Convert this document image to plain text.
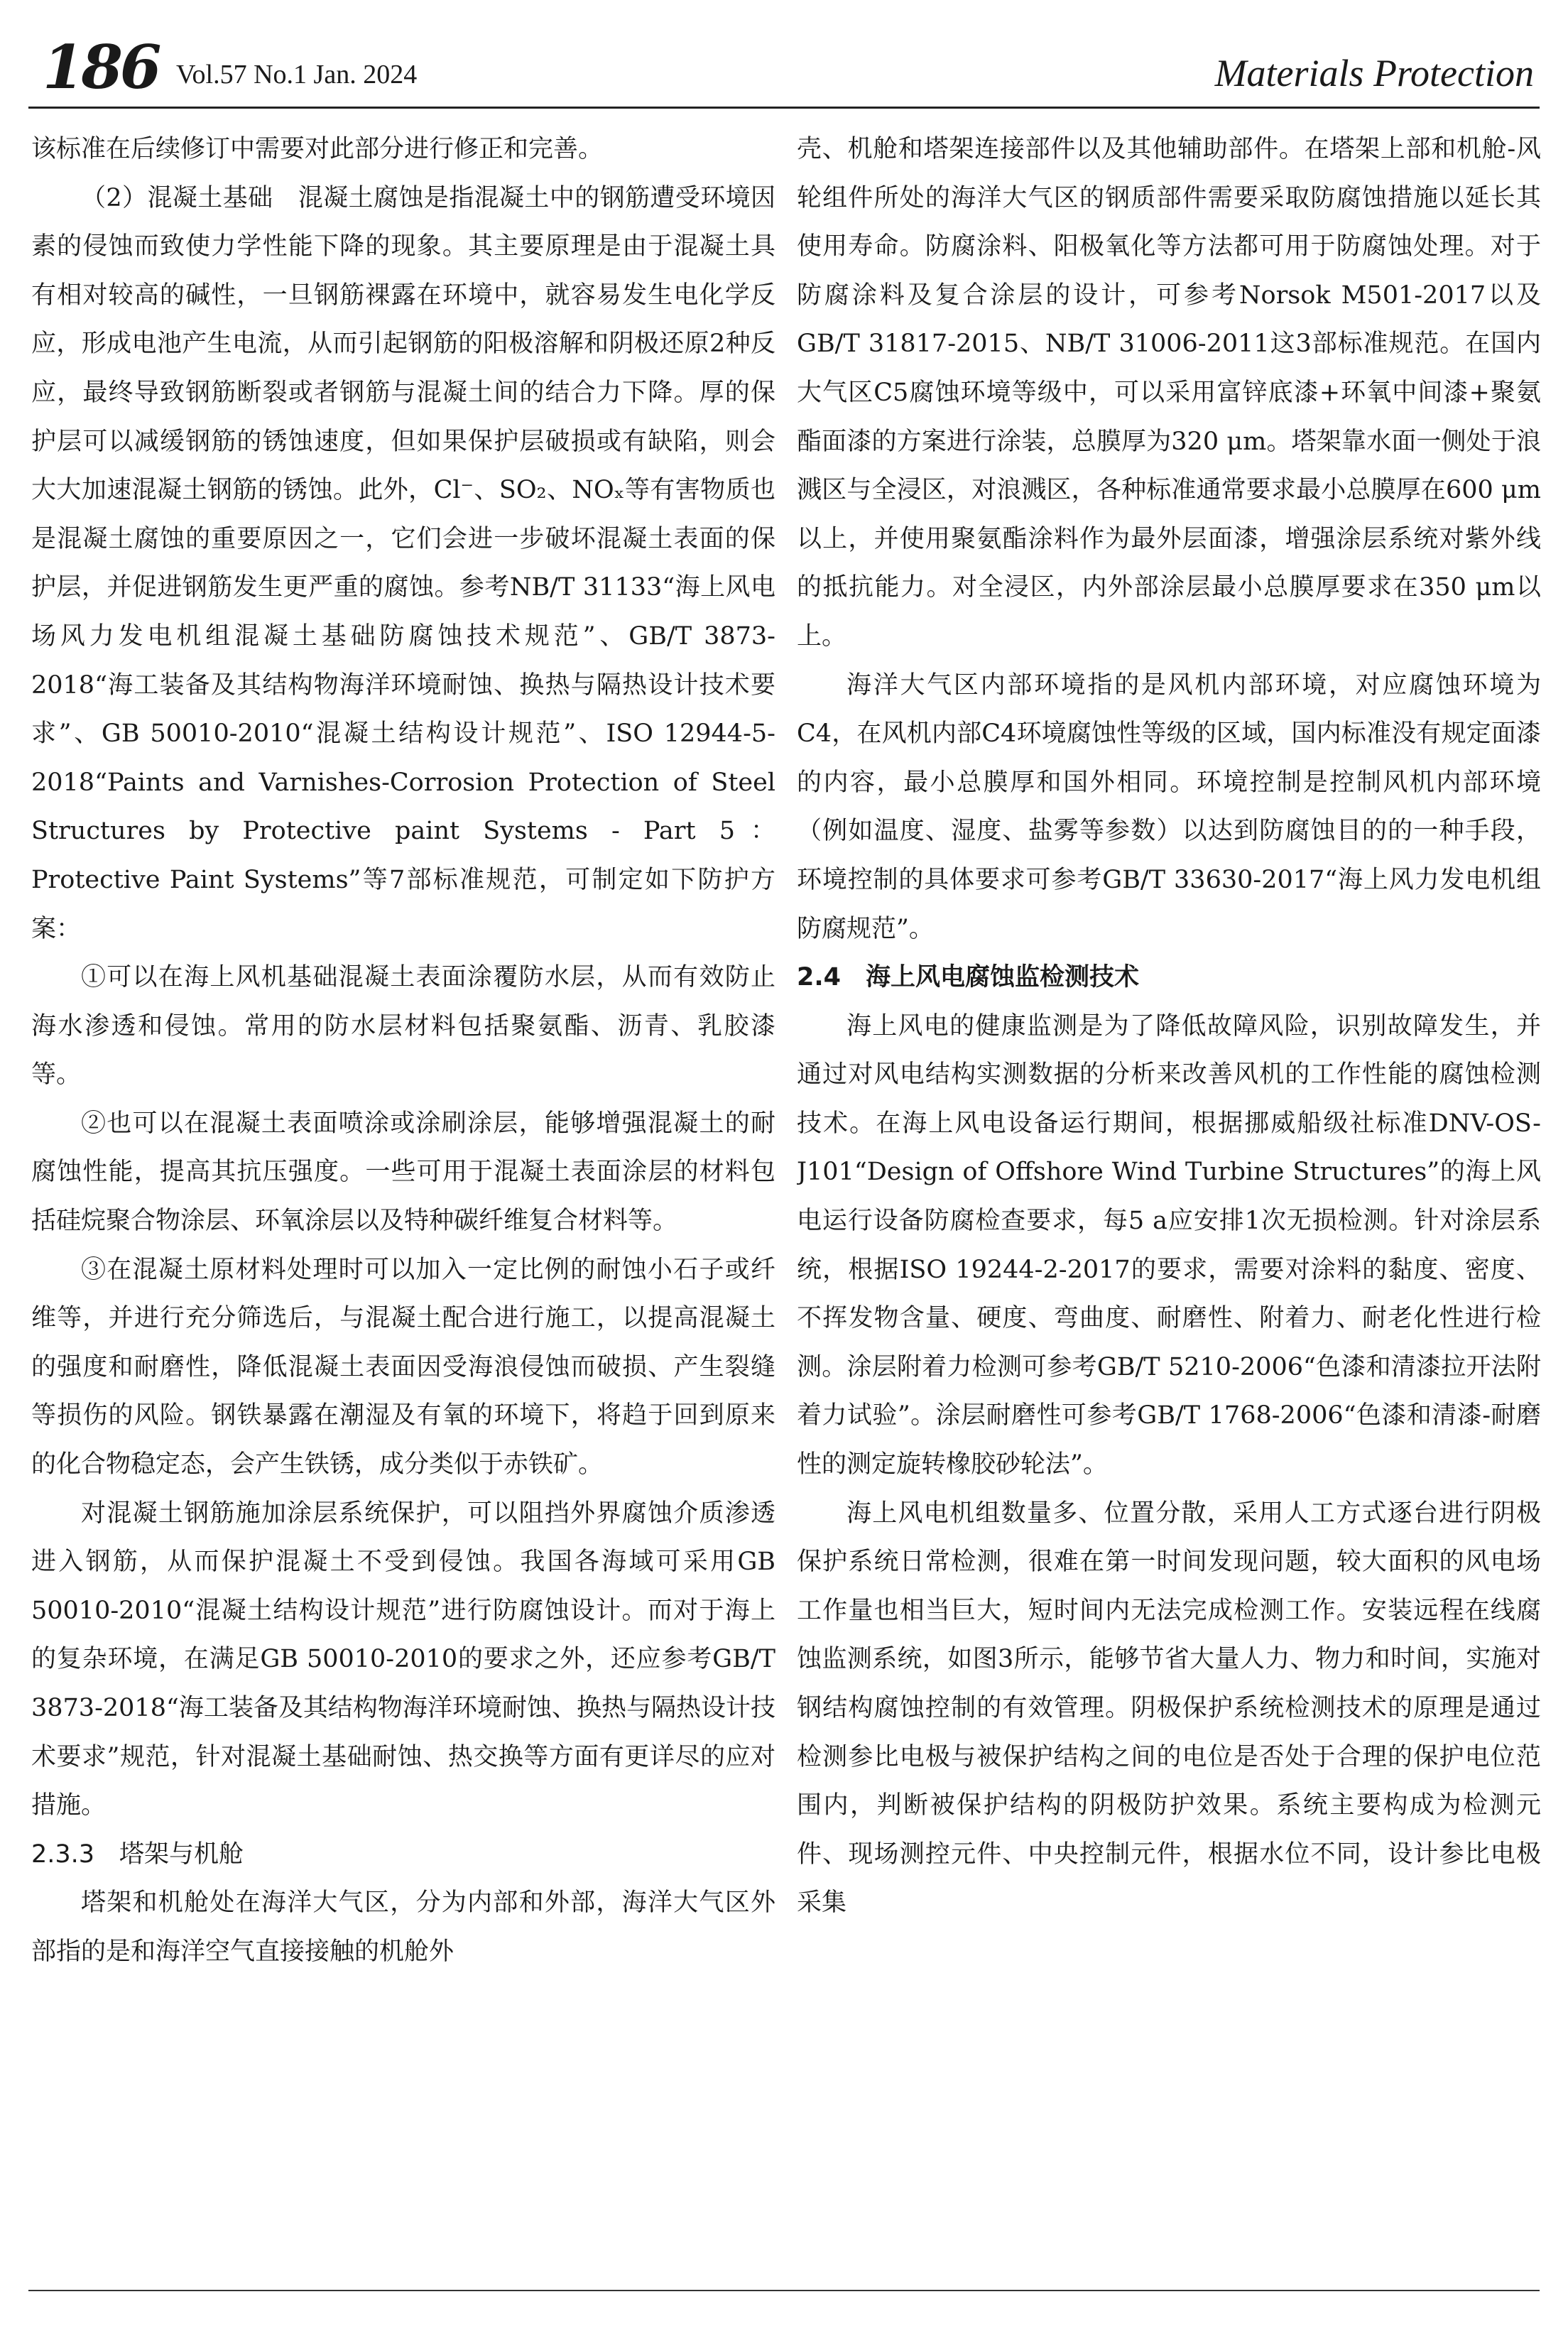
186 Vol.57 No.1 Jan. 2024	Materials Protection

该标准在后续修订中需要对此部分进行修正和完善。

（2）混凝土基础　混凝土腐蚀是指混凝土中的钢筋遭受环境因素的侵蚀而致使力学性能下降的现象。其主要原理是由于混凝土具有相对较高的碱性，一旦钢筋裸露在环境中，就容易发生电化学反应，形成电池产生电流，从而引起钢筋的阳极溶解和阴极还原2种反应，最终导致钢筋断裂或者钢筋与混凝土间的结合力下降。厚的保护层可以减缓钢筋的锈蚀速度，但如果保护层破损或有缺陷，则会大大加速混凝土钢筋的锈蚀。此外，Cl⁻、SO₂、NOₓ等有害物质也是混凝土腐蚀的重要原因之一，它们会进一步破坏混凝土表面的保护层，并促进钢筋发生更严重的腐蚀。参考NB/T 31133“海上风电场风力发电机组混凝土基础防腐蚀技术规范”、GB/T 3873-2018“海工装备及其结构物海洋环境耐蚀、换热与隔热设计技术要求”、GB 50010-2010“混凝土结构设计规范”、ISO 12944-5-2018“Paints and Varnishes-Corrosion Protection of Steel Structures by Protective paint Systems - Part 5：Protective Paint Systems”等7部标准规范，可制定如下防护方案：

①可以在海上风机基础混凝土表面涂覆防水层，从而有效防止海水渗透和侵蚀。常用的防水层材料包括聚氨酯、沥青、乳胶漆等。

②也可以在混凝土表面喷涂或涂刷涂层，能够增强混凝土的耐腐蚀性能，提高其抗压强度。一些可用于混凝土表面涂层的材料包括硅烷聚合物涂层、环氧涂层以及特种碳纤维复合材料等。

③在混凝土原材料处理时可以加入一定比例的耐蚀小石子或纤维等，并进行充分筛选后，与混凝土配合进行施工，以提高混凝土的强度和耐磨性，降低混凝土表面因受海浪侵蚀而破损、产生裂缝等损伤的风险。钢铁暴露在潮湿及有氧的环境下，将趋于回到原来的化合物稳定态，会产生铁锈，成分类似于赤铁矿。

对混凝土钢筋施加涂层系统保护，可以阻挡外界腐蚀介质渗透进入钢筋，从而保护混凝土不受到侵蚀。我国各海域可采用GB 50010-2010“混凝土结构设计规范”进行防腐蚀设计。而对于海上的复杂环境，在满足GB 50010-2010的要求之外，还应参考GB/T 3873-2018“海工装备及其结构物海洋环境耐蚀、换热与隔热设计技术要求”规范，针对混凝土基础耐蚀、热交换等方面有更详尽的应对措施。

2.3.3　塔架与机舱

塔架和机舱处在海洋大气区，分为内部和外部，海洋大气区外部指的是和海洋空气直接接触的机舱外

壳、机舱和塔架连接部件以及其他辅助部件。在塔架上部和机舱-风轮组件所处的海洋大气区的钢质部件需要采取防腐蚀措施以延长其使用寿命。防腐涂料、阳极氧化等方法都可用于防腐蚀处理。对于防腐涂料及复合涂层的设计，可参考Norsok M501-2017以及GB/T 31817-2015、NB/T 31006-2011这3部标准规范。在国内大气区C5腐蚀环境等级中，可以采用富锌底漆+环氧中间漆+聚氨酯面漆的方案进行涂装，总膜厚为320 μm。塔架靠水面一侧处于浪溅区与全浸区，对浪溅区，各种标准通常要求最小总膜厚在600 μm以上，并使用聚氨酯涂料作为最外层面漆，增强涂层系统对紫外线的抵抗能力。对全浸区，内外部涂层最小总膜厚要求在350 μm以上。

海洋大气区内部环境指的是风机内部环境，对应腐蚀环境为C4，在风机内部C4环境腐蚀性等级的区域，国内标准没有规定面漆的内容，最小总膜厚和国外相同。环境控制是控制风机内部环境（例如温度、湿度、盐雾等参数）以达到防腐蚀目的的一种手段，环境控制的具体要求可参考GB/T 33630-2017“海上风力发电机组防腐规范”。

2.4　海上风电腐蚀监检测技术

海上风电的健康监测是为了降低故障风险，识别故障发生，并通过对风电结构实测数据的分析来改善风机的工作性能的腐蚀检测技术。在海上风电设备运行期间，根据挪威船级社标准DNV-OS-J101“Design of Offshore Wind Turbine Structures”的海上风电运行设备防腐检查要求，每5 a应安排1次无损检测。针对涂层系统，根据ISO 19244-2-2017的要求，需要对涂料的黏度、密度、不挥发物含量、硬度、弯曲度、耐磨性、附着力、耐老化性进行检测。涂层附着力检测可参考GB/T 5210-2006“色漆和清漆拉开法附着力试验”。涂层耐磨性可参考GB/T 1768-2006“色漆和清漆-耐磨性的测定旋转橡胶砂轮法”。

海上风电机组数量多、位置分散，采用人工方式逐台进行阴极保护系统日常检测，很难在第一时间发现问题，较大面积的风电场工作量也相当巨大，短时间内无法完成检测工作。安装远程在线腐蚀监测系统，如图3所示，能够节省大量人力、物力和时间，实施对钢结构腐蚀控制的有效管理。阴极保护系统检测技术的原理是通过检测参比电极与被保护结构之间的电位是否处于合理的保护电位范围内，判断被保护结构的阴极防护效果。系统主要构成为检测元件、现场测控元件、中央控制元件，根据水位不同，设计参比电极采集
